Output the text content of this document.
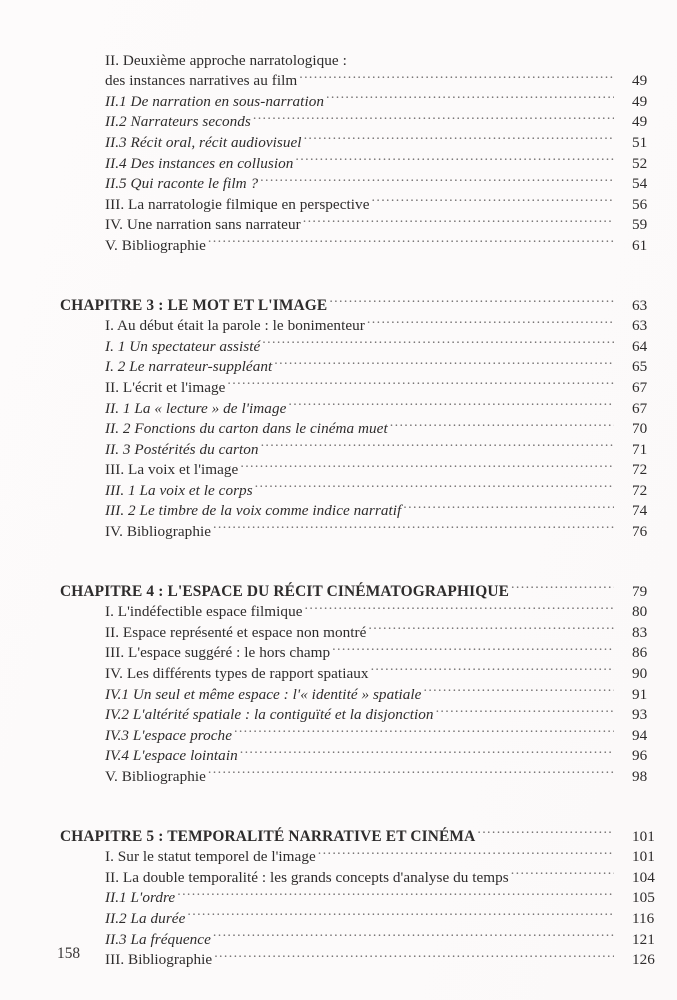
II. Deuxième approche narratologique :
des instances narratives au film .....	49
II.1 De narration en sous-narration .....	49
II.2 Narrateurs seconds .....	49
II.3 Récit oral, récit audiovisuel .....	51
II.4 Des instances en collusion .....	52
II.5 Qui raconte le film ? .....	54
III. La narratologie filmique en perspective .....	56
IV. Une narration sans narrateur .....	59
V. Bibliographie .....	61
CHAPITRE 3 : LE MOT ET L'IMAGE .....	63
I. Au début était la parole : le bonimenteur .....	63
I. 1 Un spectateur assisté .....	64
I. 2 Le narrateur-suppléant .....	65
II. L'écrit et l'image .....	67
II. 1 La « lecture » de l'image .....	67
II. 2 Fonctions du carton dans le cinéma muet .....	70
II. 3 Postérités du carton .....	71
III. La voix et l'image .....	72
III. 1 La voix et le corps .....	72
III. 2 Le timbre de la voix comme indice narratif .....	74
IV. Bibliographie .....	76
CHAPITRE 4 : L'ESPACE DU RÉCIT CINÉMATOGRAPHIQUE .....	79
I. L'indéfectible espace filmique .....	80
II. Espace représenté et espace non montré .....	83
III. L'espace suggéré : le hors champ .....	86
IV. Les différents types de rapport spatiaux .....	90
IV.1 Un seul et même espace : l'« identité » spatiale .....	91
IV.2 L'altérité spatiale : la contiguïté et la disjonction .....	93
IV.3 L'espace proche .....	94
IV.4 L'espace lointain .....	96
V. Bibliographie .....	98
CHAPITRE 5 : TEMPORALITÉ NARRATIVE ET CINÉMA .....	101
I. Sur le statut temporel de l'image .....	101
II. La double temporalité : les grands concepts d'analyse du temps .....	104
II.1 L'ordre .....	105
II.2 La durée .....	116
II.3 La fréquence .....	121
III. Bibliographie .....	126
158
